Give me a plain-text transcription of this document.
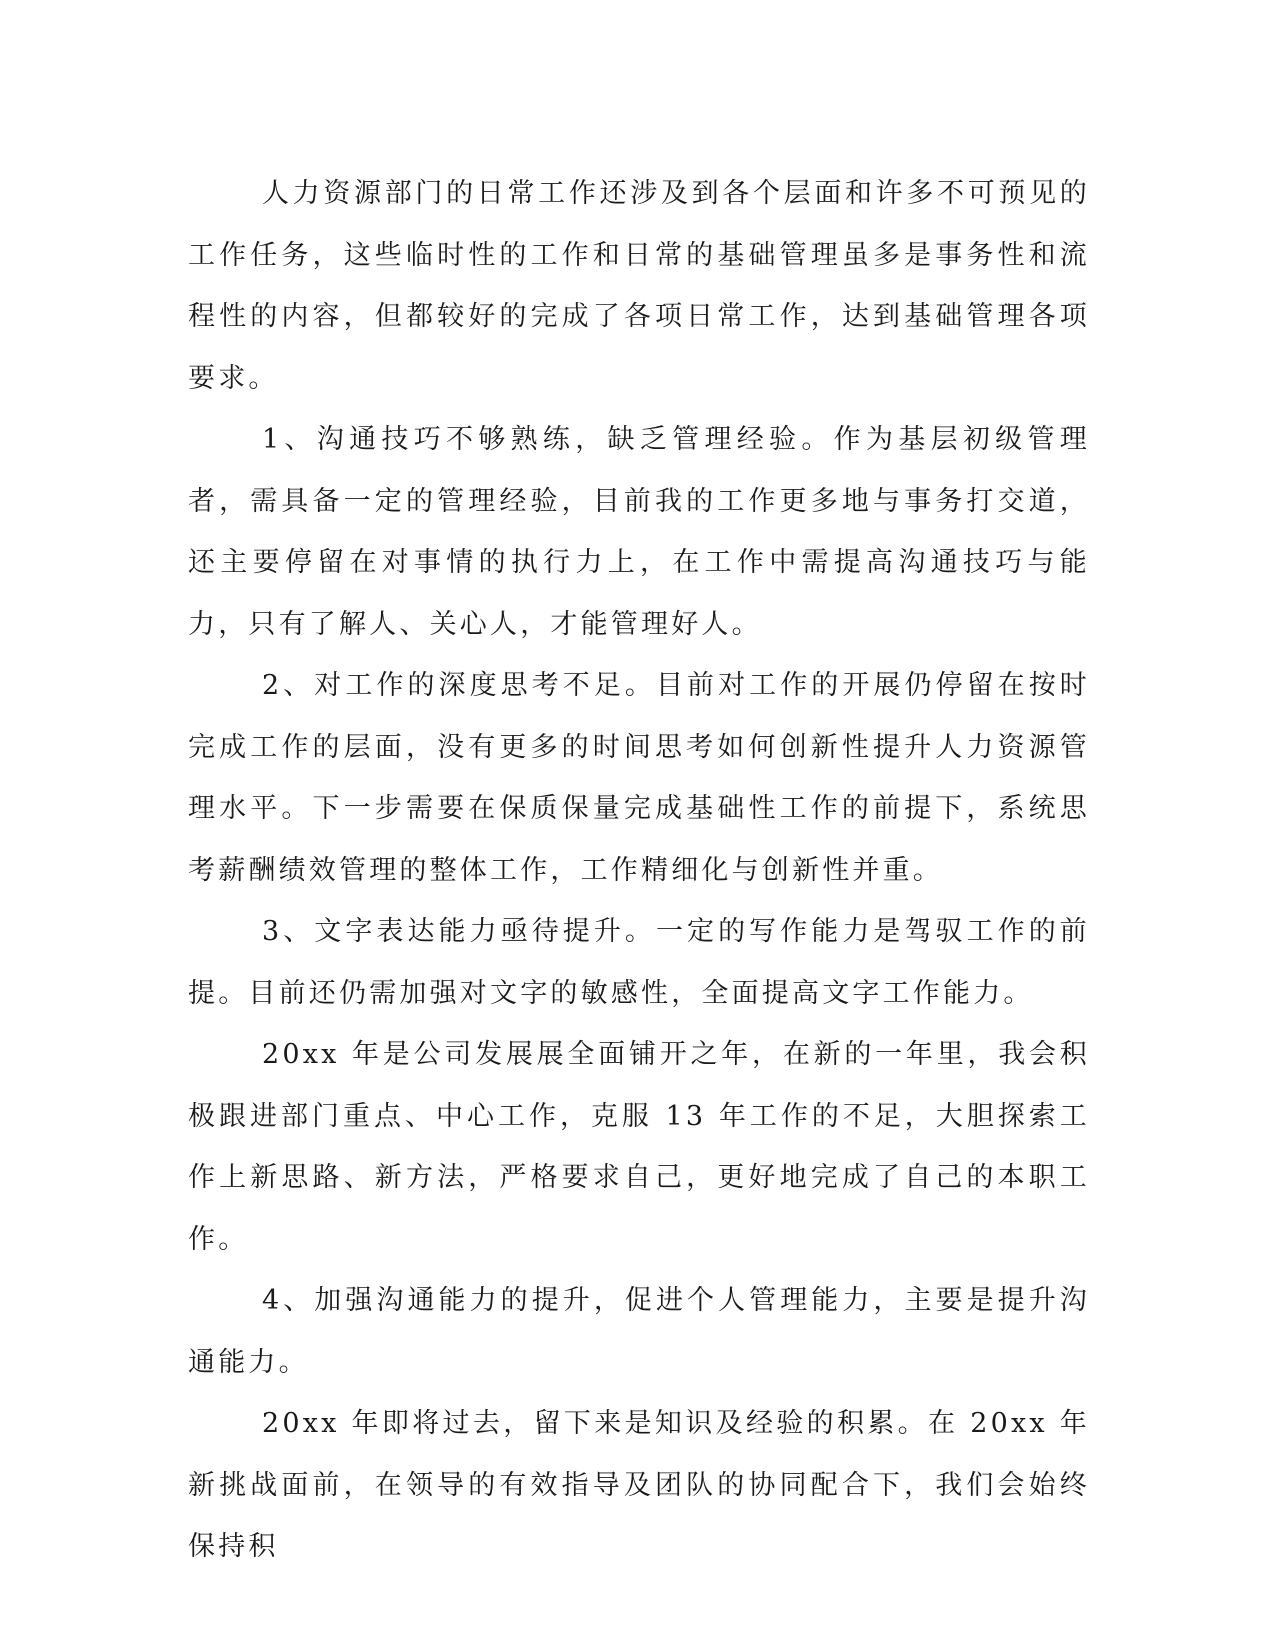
人力资源部门的日常工作还涉及到各个层面和许多不可预见的工作任务，这些临时性的工作和日常的基础管理虽多是事务性和流程性的内容，但都较好的完成了各项日常工作，达到基础管理各项要求。

1、沟通技巧不够熟练，缺乏管理经验。作为基层初级管理者，需具备一定的管理经验，目前我的工作更多地与事务打交道，还主要停留在对事情的执行力上，在工作中需提高沟通技巧与能力，只有了解人、关心人，才能管理好人。

2、对工作的深度思考不足。目前对工作的开展仍停留在按时完成工作的层面，没有更多的时间思考如何创新性提升人力资源管理水平。下一步需要在保质保量完成基础性工作的前提下，系统思考薪酬绩效管理的整体工作，工作精细化与创新性并重。

3、文字表达能力亟待提升。一定的写作能力是驾驭工作的前提。目前还仍需加强对文字的敏感性，全面提高文字工作能力。

20xx 年是公司发展展全面铺开之年，在新的一年里，我会积极跟进部门重点、中心工作，克服 13 年工作的不足，大胆探索工作上新思路、新方法，严格要求自己，更好地完成了自己的本职工作。

4、加强沟通能力的提升，促进个人管理能力，主要是提升沟通能力。

20xx 年即将过去，留下来是知识及经验的积累。在 20xx 年新挑战面前，在领导的有效指导及团队的协同配合下，我们会始终保持积
